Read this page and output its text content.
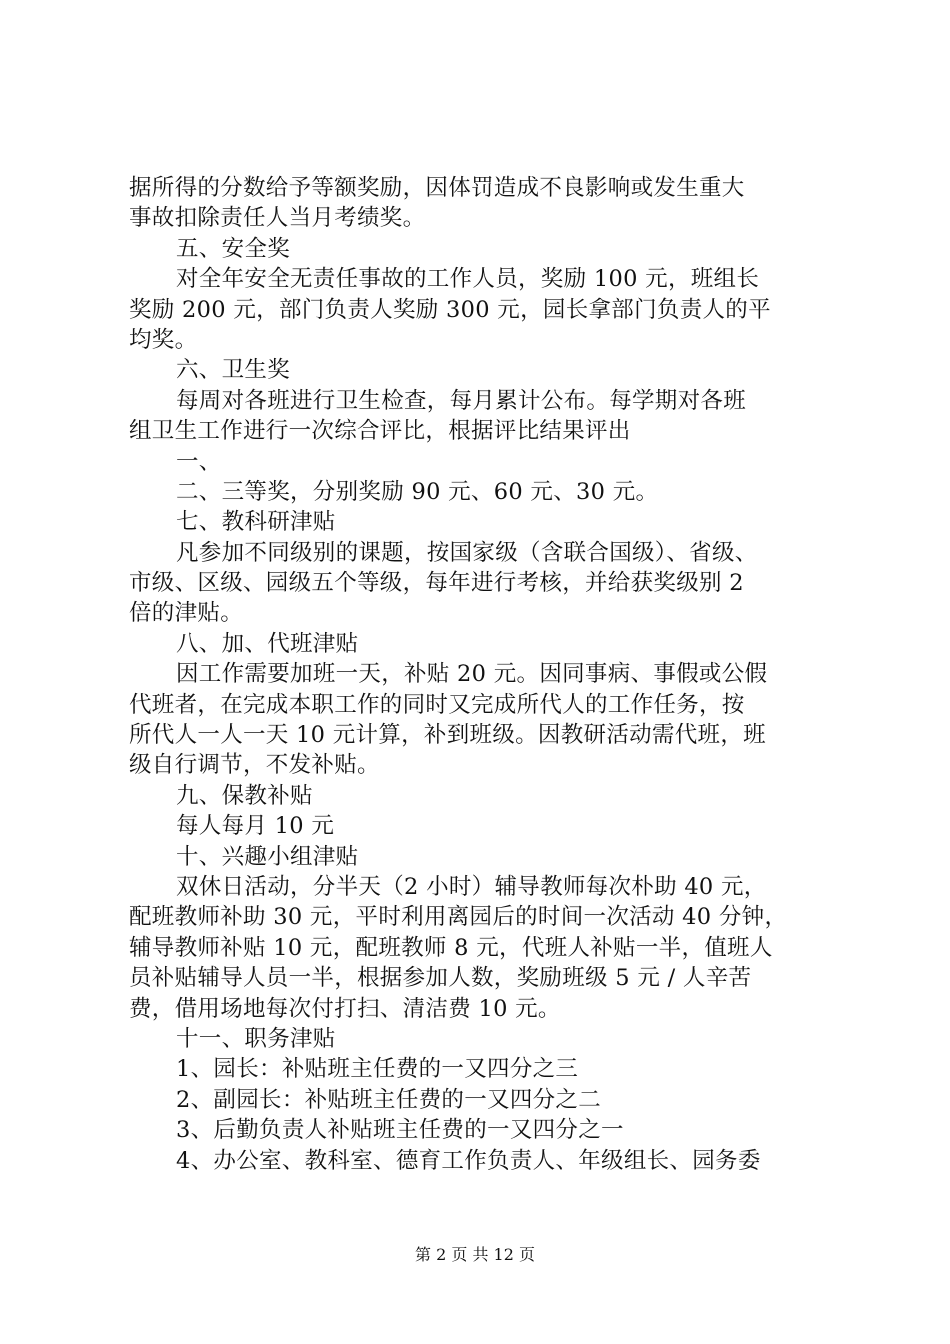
据所得的分数给予等额奖励，因体罚造成不良影响或发生重大
事故扣除责任人当月考绩奖。
五、安全奖
对全年安全无责任事故的工作人员，奖励 100 元，班组长
奖励 200 元，部门负责人奖励 300 元，园长拿部门负责人的平
均奖。
六、卫生奖
每周对各班进行卫生检查，每月累计公布。每学期对各班
组卫生工作进行一次综合评比，根据评比结果评出
一、
二、三等奖，分别奖励 90 元、60 元、30 元。
七、教科研津贴
凡参加不同级别的课题，按国家级（含联合国级）、省级、
市级、区级、园级五个等级，每年进行考核，并给获奖级别 2
倍的津贴。
八、加、代班津贴
因工作需要加班一天，补贴 20 元。因同事病、事假或公假
代班者，在完成本职工作的同时又完成所代人的工作任务，按
所代人一人一天 10 元计算，补到班级。因教研活动需代班，班
级自行调节，不发补贴。
九、保教补贴
每人每月 10 元
十、兴趣小组津贴
双休日活动，分半天（2 小时）辅导教师每次朴助 40 元，
配班教师补助 30 元，平时利用离园后的时间一次活动 40 分钟，
辅导教师补贴 10 元，配班教师 8 元，代班人补贴一半，值班人
员补贴辅导人员一半，根据参加人数，奖励班级 5 元 / 人辛苦
费，借用场地每次付打扫、清洁费 10 元。
十一、职务津贴
1、园长：补贴班主任费的一又四分之三
2、副园长：补贴班主任费的一又四分之二
3、后勤负责人补贴班主任费的一又四分之一
4、办公室、教科室、德育工作负责人、年级组长、园务委
第 2 页 共 12 页
